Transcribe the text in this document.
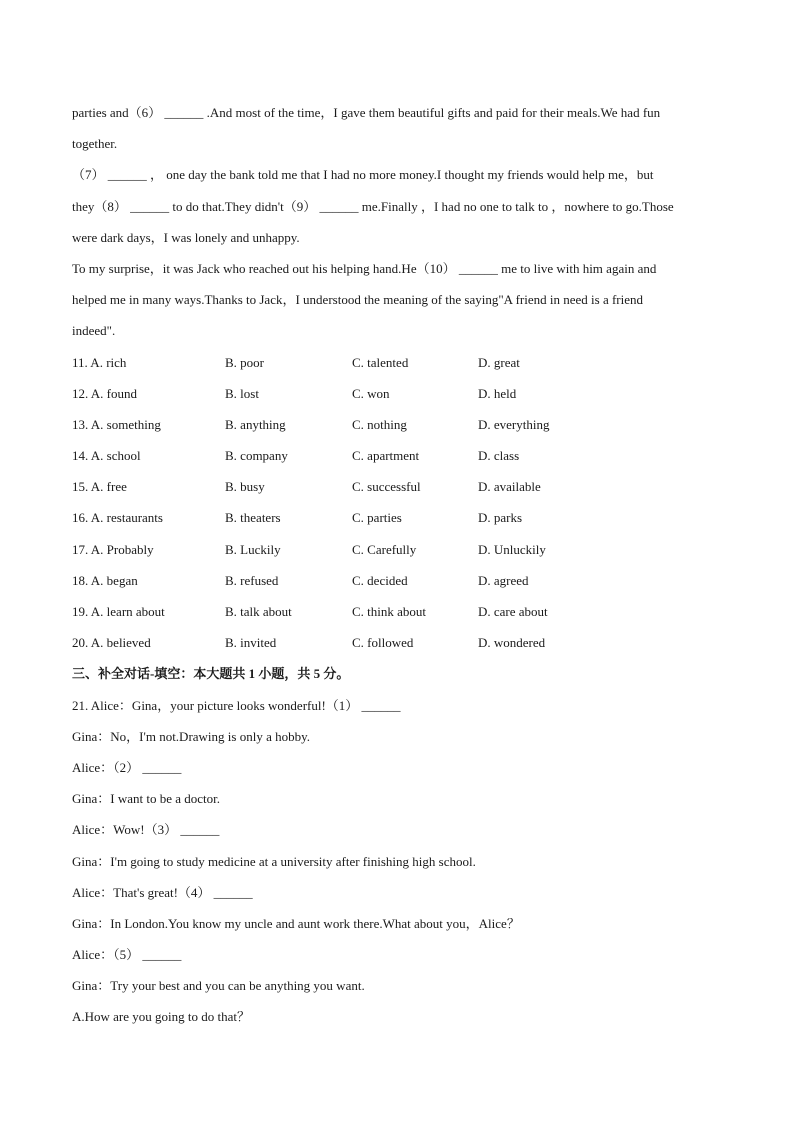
parties and（6） ______ .And most of the time，I gave them beautiful gifts and paid for their meals.We had fun
together.
（7） ______ ， one day the bank told me that I had no more money.I thought my friends would help me，but
they（8） ______ to do that.They didn't（9） ______ me.Finally ，I had no one to talk to ，nowhere to go.Those
were dark days，I was lonely and unhappy.
To my surprise，it was Jack who reached out his helping hand.He（10） ______ me to live with him again and
helped me in many ways.Thanks to Jack，I understood the meaning of the saying"A friend in need is a friend
indeed".
11. A. rich	B. poor	C. talented	D. great
12. A. found	B. lost	C. won	D. held
13. A. something	B. anything	C. nothing	D. everything
14. A. school	B. company	C. apartment	D. class
15. A. free	B. busy	C. successful	D. available
16. A. restaurants	B. theaters	C. parties	D. parks
17. A. Probably	B. Luckily	C. Carefully	D. Unluckily
18. A. began	B. refused	C. decided	D. agreed
19. A. learn about	B. talk about	C. think about	D. care about
20. A. believed	B. invited	C. followed	D. wondered
三、补全对话-填空：本大题共 1 小题，共 5 分。
21. Alice：Gina，your picture looks wonderful!（1） ______
Gina：No，I'm not.Drawing is only a hobby.
Alice：（2） ______
Gina：I want to be a doctor.
Alice：Wow!（3） ______
Gina：I'm going to study medicine at a university after finishing high school.
Alice：That's great!（4） ______
Gina：In London.You know my uncle and aunt work there.What about you，Alice？
Alice：（5） ______
Gina：Try your best and you can be anything you want.
A.How are you going to do that？
